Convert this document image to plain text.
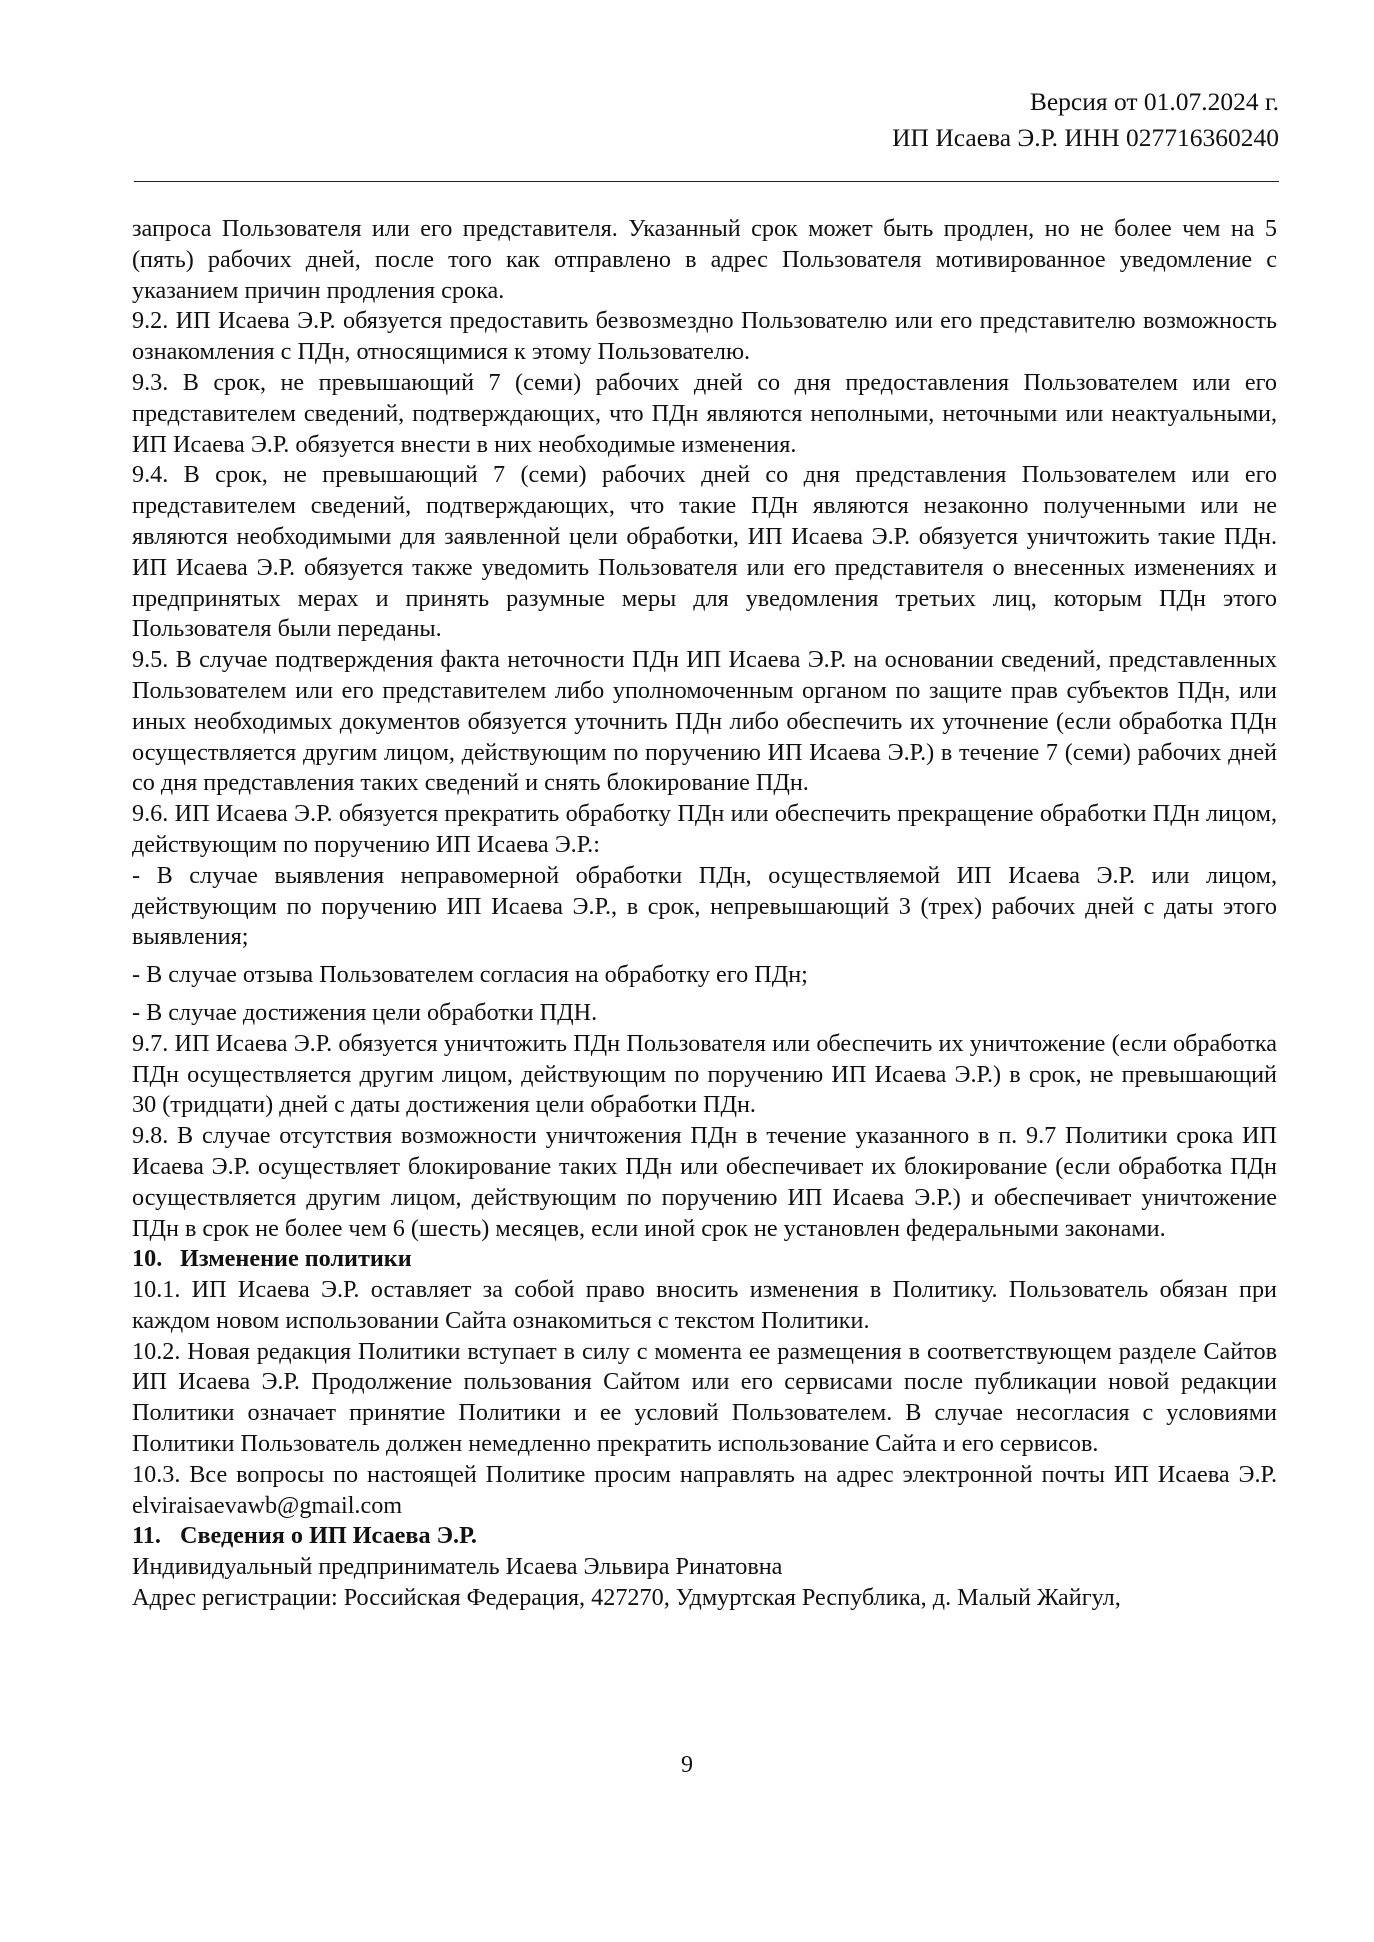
Версия от 01.07.2024 г.
ИП Исаева Э.Р. ИНН 027716360240

запроса Пользователя или его представителя. Указанный срок может быть продлен, но не более чем на 5 (пять) рабочих дней, после того как отправлено в адрес Пользователя мотивированное уведомление с указанием причин продления срока.

9.2. ИП Исаева Э.Р. обязуется предоставить безвозмездно Пользователю или его представителю возможность ознакомления с ПДн, относящимися к этому Пользователю.

9.3. В срок, не превышающий 7 (семи) рабочих дней со дня предоставления Пользователем или его представителем сведений, подтверждающих, что ПДн являются неполными, неточными или неактуальными, ИП Исаева Э.Р. обязуется внести в них необходимые изменения.

9.4. В срок, не превышающий 7 (семи) рабочих дней со дня представления Пользователем или его представителем сведений, подтверждающих, что такие ПДн являются незаконно полученными или не являются необходимыми для заявленной цели обработки, ИП Исаева Э.Р. обязуется уничтожить такие ПДн. ИП Исаева Э.Р. обязуется также уведомить Пользователя или его представителя о внесенных изменениях и предпринятых мерах и принять разумные меры для уведомления третьих лиц, которым ПДн этого Пользователя были переданы.

9.5. В случае подтверждения факта неточности ПДн ИП Исаева Э.Р. на основании сведений, представленных Пользователем или его представителем либо уполномоченным органом по защите прав субъектов ПДн, или иных необходимых документов обязуется уточнить ПДн либо обеспечить их уточнение (если обработка ПДн осуществляется другим лицом, действующим по поручению ИП Исаева Э.Р.) в течение 7 (семи) рабочих дней со дня представления таких сведений и снять блокирование ПДн.

9.6. ИП Исаева Э.Р. обязуется прекратить обработку ПДн или обеспечить прекращение обработки ПДн лицом, действующим по поручению ИП Исаева Э.Р.:

- В случае выявления неправомерной обработки ПДн, осуществляемой ИП Исаева Э.Р. или лицом, действующим по поручению ИП Исаева Э.Р., в срок, непревышающий 3 (трех) рабочих дней с даты этого выявления;

- В случае отзыва Пользователем согласия на обработку его ПДн;

- В случае достижения цели обработки ПДН.

9.7. ИП Исаева Э.Р. обязуется уничтожить ПДн Пользователя или обеспечить их уничтожение (если обработка ПДн осуществляется другим лицом, действующим по поручению ИП Исаева Э.Р.) в срок, не превышающий 30 (тридцати) дней с даты достижения цели обработки ПДн.

9.8. В случае отсутствия возможности уничтожения ПДн в течение указанного в п. 9.7 Политики срока ИП Исаева Э.Р. осуществляет блокирование таких ПДн или обеспечивает их блокирование (если обработка ПДн осуществляется другим лицом, действующим по поручению ИП Исаева Э.Р.) и обеспечивает уничтожение ПДн в срок не более чем 6 (шесть) месяцев, если иной срок не установлен федеральными законами.

10. Изменение политики

10.1. ИП Исаева Э.Р. оставляет за собой право вносить изменения в Политику. Пользователь обязан при каждом новом использовании Сайта ознакомиться с текстом Политики.

10.2. Новая редакция Политики вступает в силу с момента ее размещения в соответствующем разделе Сайтов ИП Исаева Э.Р. Продолжение пользования Сайтом или его сервисами после публикации новой редакции Политики означает принятие Политики и ее условий Пользователем. В случае несогласия с условиями Политики Пользователь должен немедленно прекратить использование Сайта и его сервисов.

10.3. Все вопросы по настоящей Политике просим направлять на адрес электронной почты ИП Исаева Э.Р. elviraisaevawb@gmail.com

11. Сведения о ИП Исаева Э.Р.

Индивидуальный предприниматель Исаева Эльвира Ринатовна

Адрес регистрации: Российская Федерация, 427270, Удмуртская Республика, д. Малый Жайгул,

9
